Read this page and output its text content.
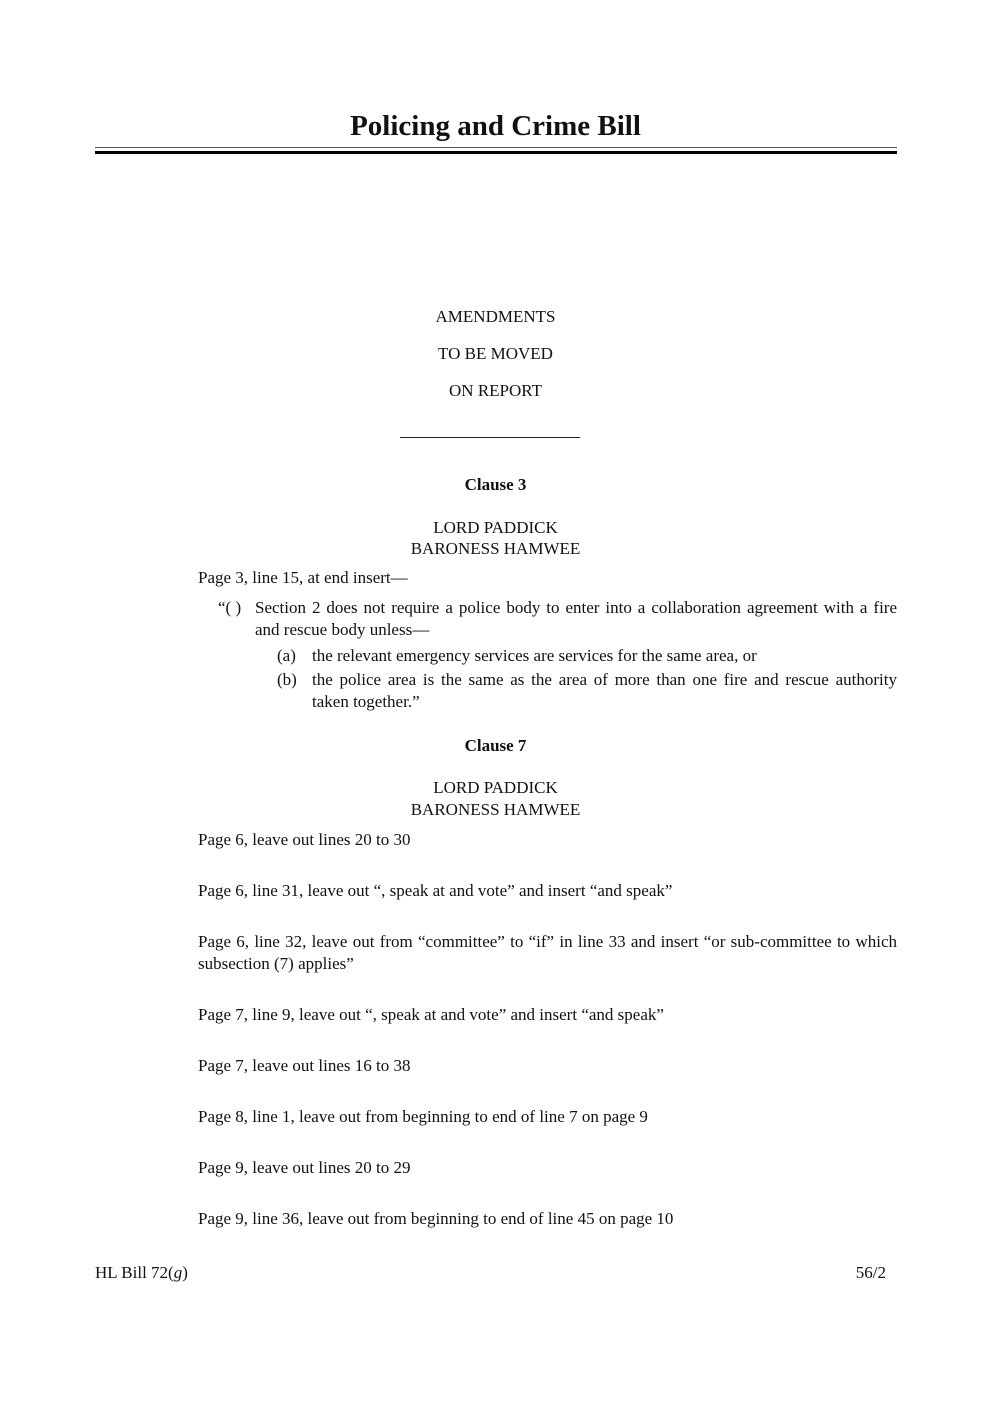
Policing and Crime Bill
AMENDMENTS
TO BE MOVED
ON REPORT
Clause 3
LORD PADDICK
BARONESS HAMWEE
Page 3, line 15, at end insert—
“( ) Section 2 does not require a police body to enter into a collaboration agreement with a fire and rescue body unless—
(a) the relevant emergency services are services for the same area, or
(b) the police area is the same as the area of more than one fire and rescue authority taken together.”
Clause 7
LORD PADDICK
BARONESS HAMWEE
Page 6, leave out lines 20 to 30
Page 6, line 31, leave out “, speak at and vote” and insert “and speak”
Page 6, line 32, leave out from “committee” to “if” in line 33 and insert “or sub-committee to which subsection (7) applies”
Page 7, line 9, leave out “, speak at and vote” and insert “and speak”
Page 7, leave out lines 16 to 38
Page 8, line 1, leave out from beginning to end of line 7 on page 9
Page 9, leave out lines 20 to 29
Page 9, line 36, leave out from beginning to end of line 45 on page 10
HL Bill 72(g)	56/2
